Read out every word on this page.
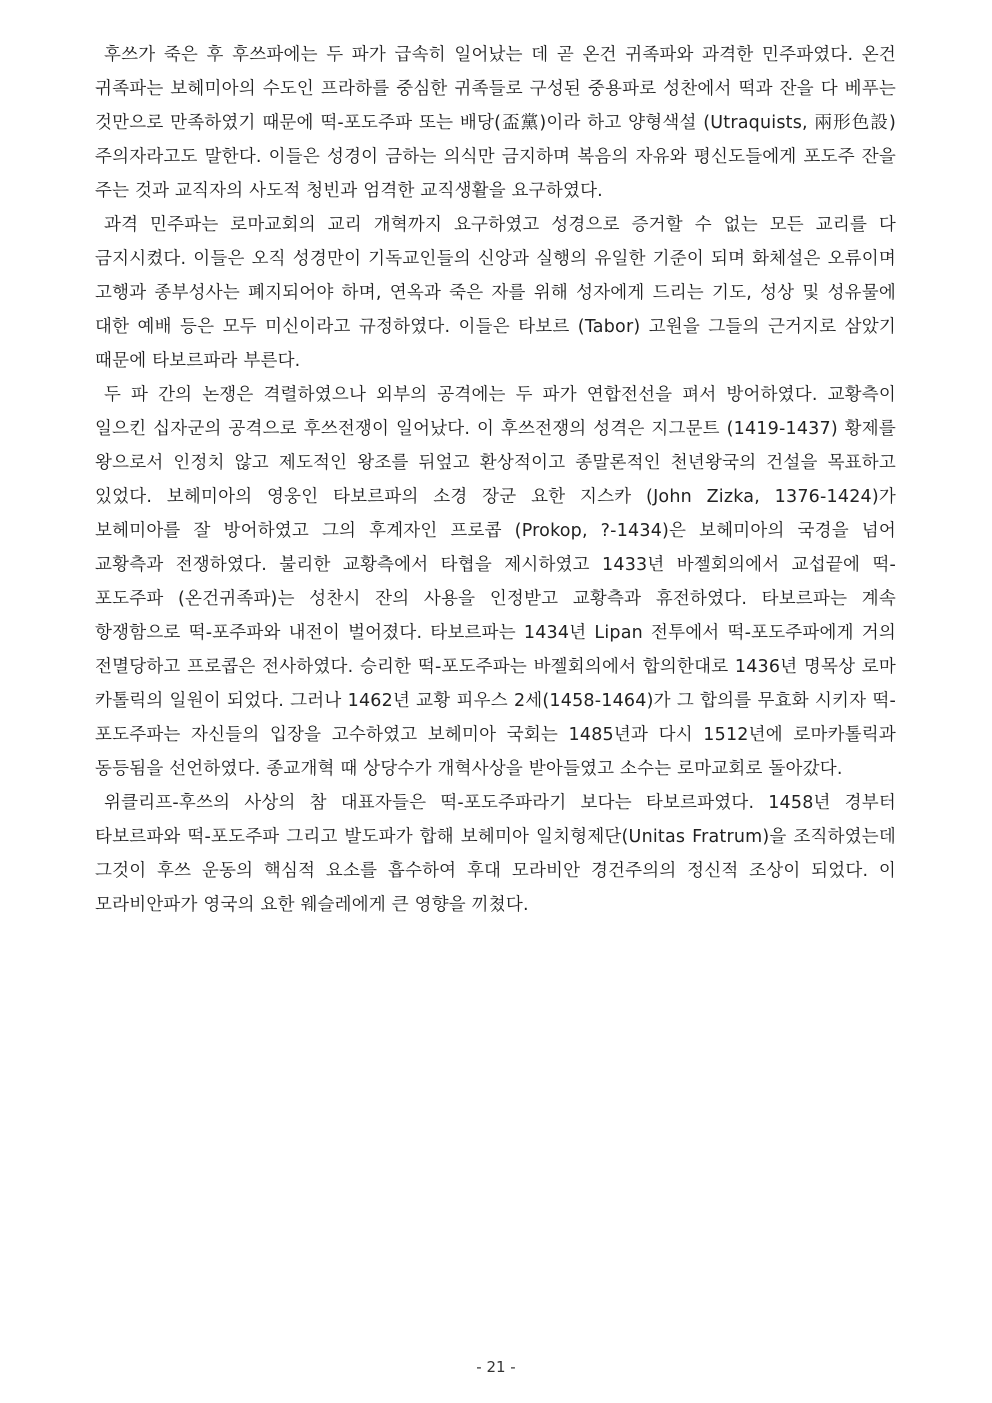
후쓰가 죽은 후 후쓰파에는 두 파가 급속히 일어났는 데 곧 온건 귀족파와 과격한 민주파였다. 온건 귀족파는 보헤미아의 수도인 프라하를 중심한 귀족들로 구성된 중용파로 성찬에서 떡과 잔을 다 베푸는 것만으로 만족하였기 때문에 떡-포도주파 또는 배당(盃黨)이라 하고 양형색설 (Utraquists, 兩形色設)주의자라고도 말한다. 이들은 성경이 금하는 의식만 금지하며 복음의 자유와 평신도들에게 포도주 잔을 주는 것과 교직자의 사도적 청빈과 엄격한 교직생활을 요구하였다.

과격 민주파는 로마교회의 교리 개혁까지 요구하였고 성경으로 증거할 수 없는 모든 교리를 다 금지시켰다. 이들은 오직 성경만이 기독교인들의 신앙과 실행의 유일한 기준이 되며 화체설은 오류이며 고행과 종부성사는 폐지되어야 하며, 연옥과 죽은 자를 위해 성자에게 드리는 기도, 성상 및 성유물에 대한 예배 등은 모두 미신이라고 규정하였다. 이들은 타보르 (Tabor) 고원을 그들의 근거지로 삼았기 때문에 타보르파라 부른다.

두 파 간의 논쟁은 격렬하였으나 외부의 공격에는 두 파가 연합전선을 펴서 방어하였다. 교황측이 일으킨 십자군의 공격으로 후쓰전쟁이 일어났다. 이 후쓰전쟁의 성격은 지그문트 (1419-1437) 황제를 왕으로서 인정치 않고 제도적인 왕조를 뒤엎고 환상적이고 종말론적인 천년왕국의 건설을 목표하고 있었다. 보헤미아의 영웅인 타보르파의 소경 장군 요한 지스카 (John Zizka, 1376-1424)가 보헤미아를 잘 방어하였고 그의 후계자인 프로콥 (Prokop, ?-1434)은 보헤미아의 국경을 넘어 교황측과 전쟁하였다. 불리한 교황측에서 타협을 제시하였고 1433년 바젤회의에서 교섭끝에 떡-포도주파 (온건귀족파)는 성찬시 잔의 사용을 인정받고 교황측과 휴전하였다. 타보르파는 계속 항쟁함으로 떡-포주파와 내전이 벌어졌다. 타보르파는 1434년 Lipan 전투에서 떡-포도주파에게 거의 전멸당하고 프로콥은 전사하였다. 승리한 떡-포도주파는 바젤회의에서 합의한대로 1436년 명목상 로마 카톨릭의 일원이 되었다. 그러나 1462년 교황 피우스 2세(1458-1464)가 그 합의를 무효화 시키자 떡-포도주파는 자신들의 입장을 고수하였고 보헤미아 국회는 1485년과 다시 1512년에 로마카톨릭과 동등됨을 선언하였다. 종교개혁 때 상당수가 개혁사상을 받아들였고 소수는 로마교회로 돌아갔다.

위클리프-후쓰의 사상의 참 대표자들은 떡-포도주파라기 보다는 타보르파였다. 1458년 경부터 타보르파와 떡-포도주파 그리고 발도파가 합해 보헤미아 일치형제단(Unitas Fratrum)을 조직하였는데 그것이 후쓰 운동의 핵심적 요소를 흡수하여 후대 모라비안 경건주의의 정신적 조상이 되었다. 이 모라비안파가 영국의 요한 웨슬레에게 큰 영향을 끼쳤다.

- 21 -
